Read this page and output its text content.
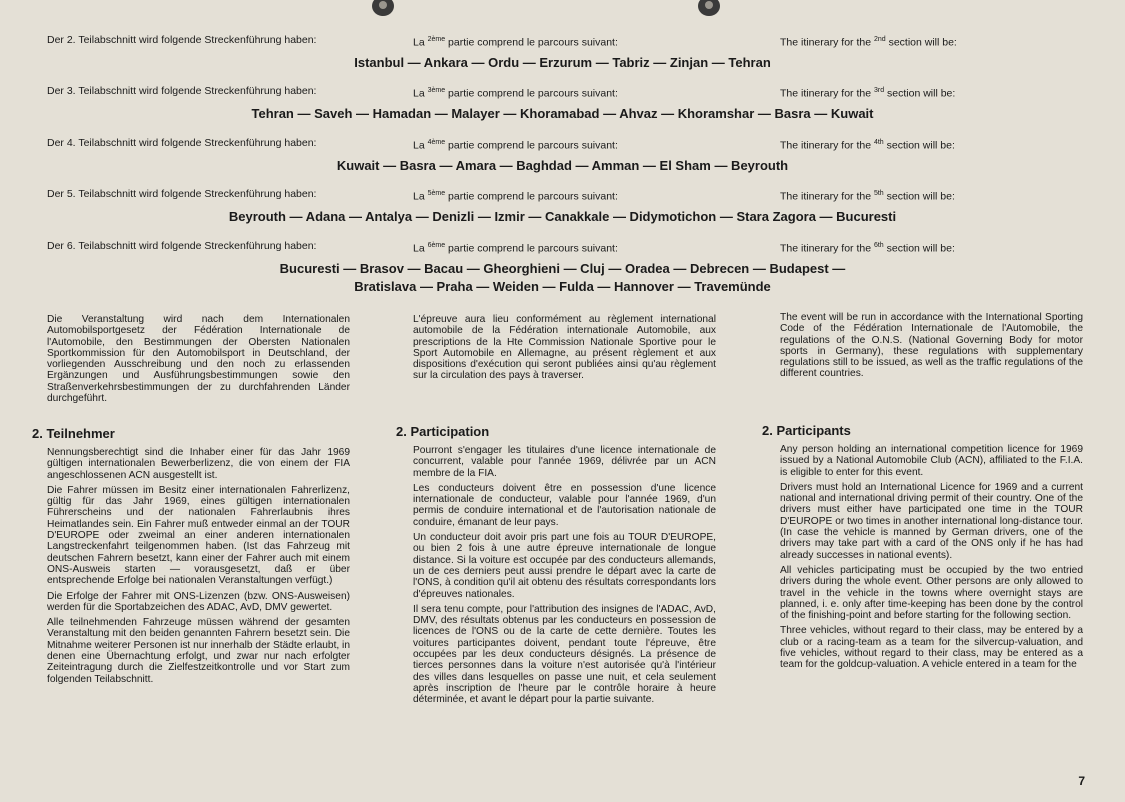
Der 2. Teilabschnitt wird folgende Streckenführung haben:	La $^{2ème}$ partie comprend le parcours suivant:	The itinerary for the $^{2nd}$ section will be:
Istanbul — Ankara — Ordu — Erzurum — Tabriz — Zinjan — Tehran
Der 3. Teilabschnitt wird folgende Streckenführung haben:	La $^{3ème}$ partie comprend le parcours suivant:	The itinerary for the $^{3rd}$ section will be:
Tehran — Saveh — Hamadan — Malayer — Khoramabad — Ahvaz — Khoramshar — Basra — Kuwait
Der 4. Teilabschnitt wird folgende Streckenführung haben:	La $^{4ème}$ partie comprend le parcours suivant:	The itinerary for the $^{4th}$ section will be:
Kuwait — Basra — Amara — Baghdad — Amman — El Sham — Beyrouth
Der 5. Teilabschnitt wird folgende Streckenführung haben:	La $^{5ème}$ partie comprend le parcours suivant:	The itinerary for the $^{5th}$ section will be:
Beyrouth — Adana — Antalya — Denizli — Izmir — Canakkale — Didymotichon — Stara Zagora — Bucuresti
Der 6. Teilabschnitt wird folgende Streckenführung haben:	La $^{6ème}$ partie comprend le parcours suivant:	The itinerary for the $^{6th}$ section will be:
Bucuresti — Brasov — Bacau — Gheorghieni — Cluj — Oradea — Debrecen — Budapest —
Bratislava — Praha — Weiden — Fulda — Hannover — Travemünde
Die Veranstaltung wird nach dem Internationalen Automobilsportgesetz der Fédération Internationale de l'Automobile, den Bestimmungen der Obersten Nationalen Sportkommission für den Automobilsport in Deutschland, der vorliegenden Ausschreibung und den noch zu erlassenden Ergänzungen und Ausführungsbestimmungen sowie den Straßenverkehrsbestimmungen der zu durchfahrenden Länder durchgeführt.
L'épreuve aura lieu conformément au règlement international automobile de la Fédération internationale Automobile, aux prescriptions de la Hte Commission Nationale Sportive pour le Sport Automobile en Allemagne, au présent règlement et aux dispositions d'exécution qui seront publiées ainsi qu'au règlement sur la circulation des pays à traverser.
The event will be run in accordance with the International Sporting Code of the Fédération Internationale de l'Automobile, the regulations of the O.N.S. (National Governing Body for motor sports in Germany), these regulations with supplementary regulations still to be issued, as well as the traffic regulations of the different countries.
2. Teilnehmer	2. Participation	2. Participants

Nennungsberechtigt sind die Inhaber einer für das Jahr 1969 gültigen internationalen Bewerberlizenz, die von einem der FIA angeschlossenen ACN ausgestellt ist.

Die Fahrer müssen im Besitz einer internationalen Fahrerlizenz, gültig für das Jahr 1969, eines gültigen internationalen Führerscheins und der nationalen Fahrerlaubnis ihres Heimatlandes sein. Ein Fahrer muß entweder einmal an der TOUR D'EUROPE oder zweimal an einer anderen internationalen Langstreckenfahrt teilgenommen haben. (Ist das Fahrzeug mit deutschen Fahrern besetzt, kann einer der Fahrer auch mit einem ONS-Ausweis starten — vorausgesetzt, daß er über entsprechende Erfolge bei nationalen Veranstaltungen verfügt.)

Die Erfolge der Fahrer mit ONS-Lizenzen (bzw. ONS-Ausweisen) werden für die Sportabzeichen des ADAC, AvD, DMV gewertet.

Alle teilnehmenden Fahrzeuge müssen während der gesamten Veranstaltung mit den beiden genannten Fahrern besetzt sein. Die Mitnahme weiterer Personen ist nur innerhalb der Städte erlaubt, in denen eine Übernachtung erfolgt, und zwar nur nach erfolgter Zeiteintragung durch die Zielfestzeitkontrolle und vor Start zum folgenden Teilabschnitt.

Pourront s'engager les titulaires d'une licence internationale de concurrent, valable pour l'année 1969, délivrée par un ACN membre de la FIA.

Les conducteurs doivent être en possession d'une licence internationale de conducteur, valable pour l'année 1969, d'un permis de conduire international et de l'autorisation nationale de conduire, émanant de leur pays.

Un conducteur doit avoir pris part une fois au TOUR D'EUROPE, ou bien 2 fois à une autre épreuve internationale de longue distance. Si la voiture est occupée par des conducteurs allemands, un de ces derniers peut aussi prendre le départ avec la carte de l'ONS, à condition qu'il ait obtenu des résultats correspondants lors d'épreuves nationales.

Il sera tenu compte, pour l'attribution des insignes de l'ADAC, AvD, DMV, des résultats obtenus par les conducteurs en possession de licences de l'ONS ou de la carte de cette dernière. Toutes les voitures participantes doivent, pendant toute l'épreuve, être occupées par les deux conducteurs désignés. La présence de tierces personnes dans la voiture n'est autorisée qu'à l'intérieur des villes dans lesquelles on passe une nuit, et cela seulement après inscription de l'heure par le contrôle horaire à heure déterminée, et avant le départ pour la partie suivante.

Any person holding an international competition licence for 1969 issued by a National Automobile Club (ACN), affiliated to the F.I.A. is eligible to enter for this event.

Drivers must hold an International Licence for 1969 and a current national and international driving permit of their country. One of the drivers must either have participated one time in the TOUR D'EUROPE or two times in another international long-distance tour. (In case the vehicle is manned by German drivers, one of the drivers may take part with a card of the ONS only if he has had already successes in national events).

All vehicles participating must be occupied by the two entried drivers during the whole event. Other persons are only allowed to travel in the vehicle in the towns where overnight stays are planned, i. e. only after time-keeping has been done by the control of the finishing-point and before starting for the following section.

Three vehicles, without regard to their class, may be entered by a club or a racing-team as a team for the silvercup-valuation, and five vehicles, without regard to their class, may be entered as a team for the goldcup-valuation. A vehicle entered in a team for the

7
